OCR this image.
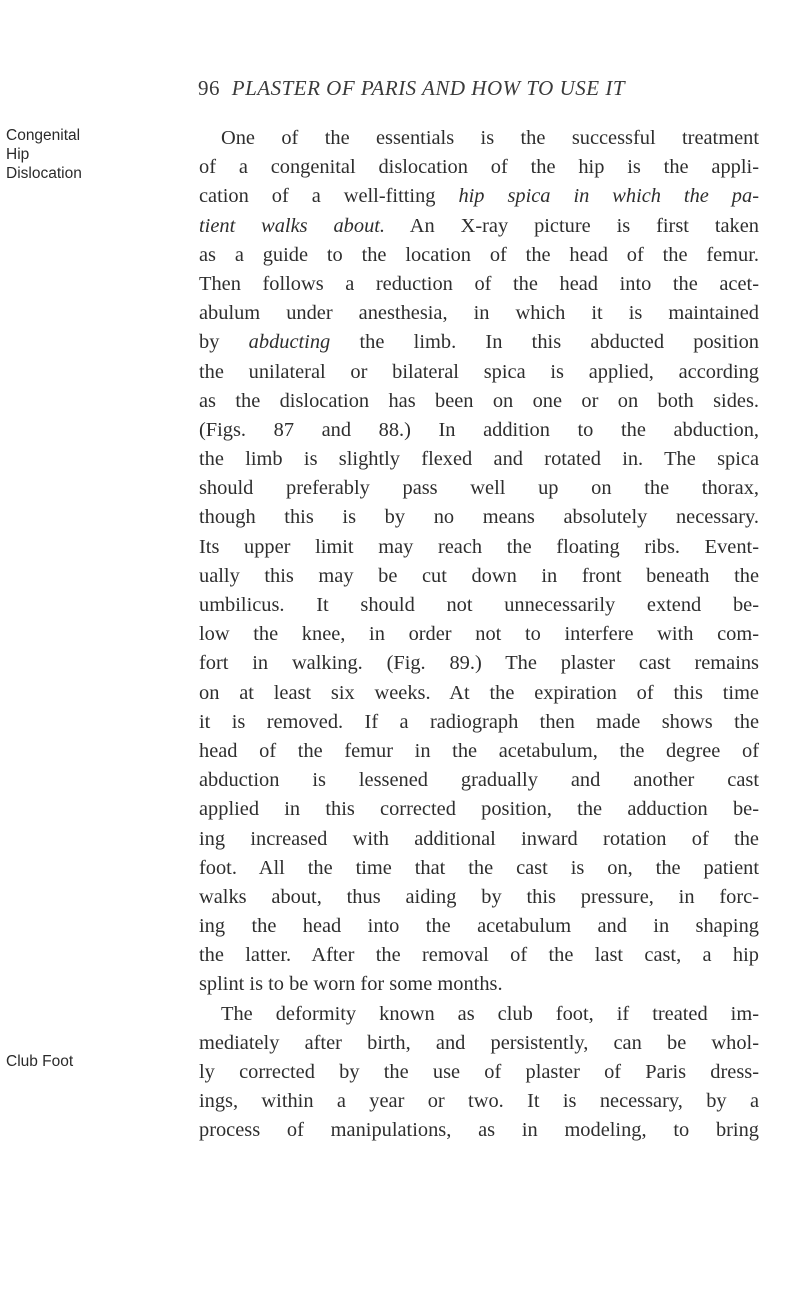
96 PLASTER OF PARIS AND HOW TO USE IT
Congenital
Hip
Dislocation
Club Foot
One of the essentials is the successful treatment
of a congenital dislocation of the hip is the appli-
cation of a well-fitting hip spica in which the pa-
tient walks about. An X-ray picture is first taken
as a guide to the location of the head of the femur.
Then follows a reduction of the head into the acet-
abulum under anesthesia, in which it is maintained
by abducting the limb. In this abducted position
the unilateral or bilateral spica is applied, according
as the dislocation has been on one or on both sides.
(Figs. 87 and 88.) In addition to the abduction,
the limb is slightly flexed and rotated in. The spica
should preferably pass well up on the thorax,
though this is by no means absolutely necessary.
Its upper limit may reach the floating ribs. Event-
ually this may be cut down in front beneath the
umbilicus. It should not unnecessarily extend be-
low the knee, in order not to interfere with com-
fort in walking. (Fig. 89.) The plaster cast remains
on at least six weeks. At the expiration of this time
it is removed. If a radiograph then made shows the
head of the femur in the acetabulum, the degree of
abduction is lessened gradually and another cast
applied in this corrected position, the adduction be-
ing increased with additional inward rotation of the
foot. All the time that the cast is on, the patient
walks about, thus aiding by this pressure, in forc-
ing the head into the acetabulum and in shaping
the latter. After the removal of the last cast, a hip
splint is to be worn for some months.
The deformity known as club foot, if treated im-
mediately after birth, and persistently, can be whol-
ly corrected by the use of plaster of Paris dress-
ings, within a year or two. It is necessary, by a
process of manipulations, as in modeling, to bring
